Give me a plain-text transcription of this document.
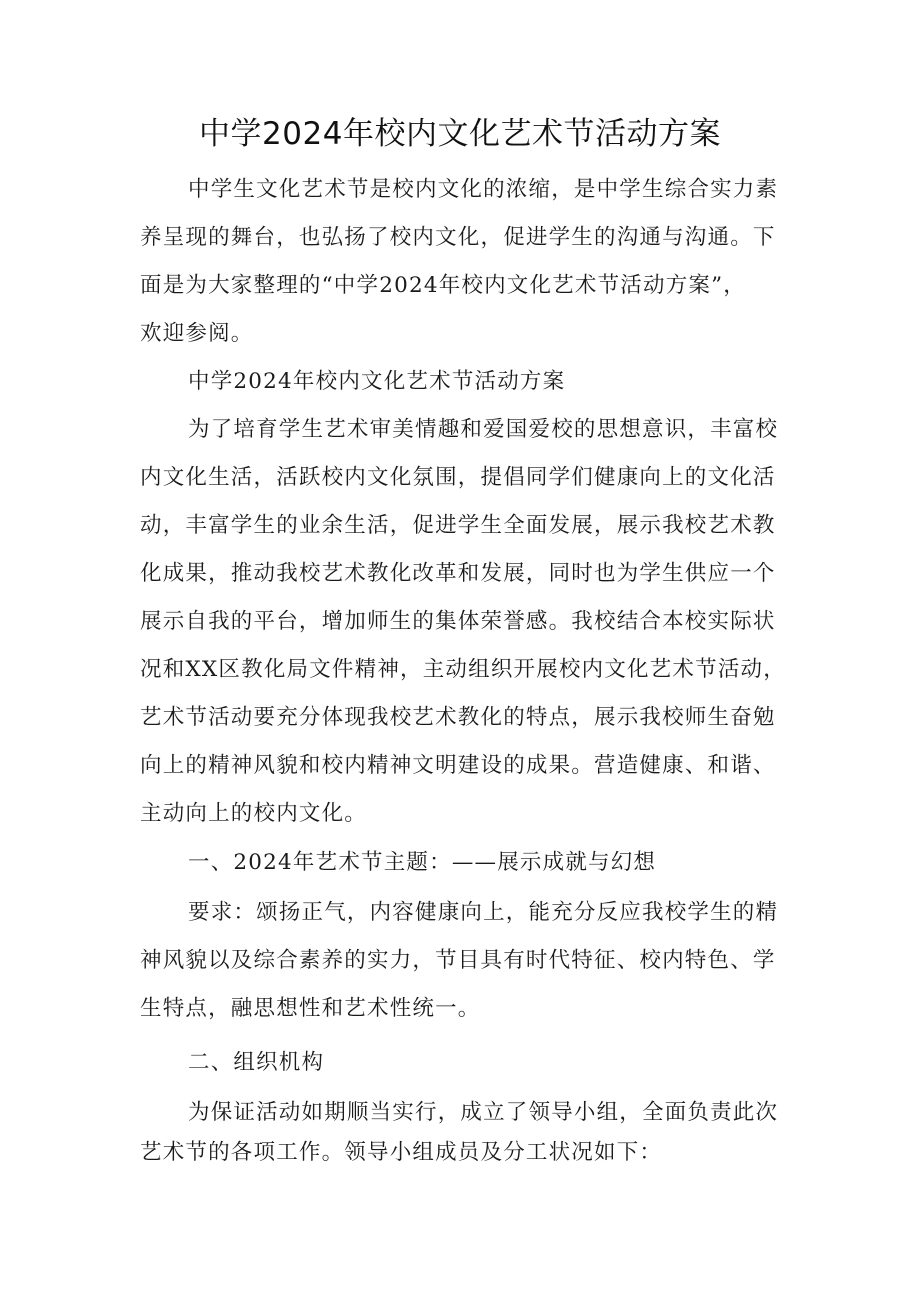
中学2024年校内文化艺术节活动方案
中学生文化艺术节是校内文化的浓缩，是中学生综合实力素
养呈现的舞台，也弘扬了校内文化，促进学生的沟通与沟通。下
面是为大家整理的“中学2024年校内文化艺术节活动方案”，
欢迎参阅。
中学2024年校内文化艺术节活动方案
为了培育学生艺术审美情趣和爱国爱校的思想意识，丰富校
内文化生活，活跃校内文化氛围，提倡同学们健康向上的文化活
动，丰富学生的业余生活，促进学生全面发展，展示我校艺术教
化成果，推动我校艺术教化改革和发展，同时也为学生供应一个
展示自我的平台，增加师生的集体荣誉感。我校结合本校实际状
况和XX区教化局文件精神，主动组织开展校内文化艺术节活动，
艺术节活动要充分体现我校艺术教化的特点，展示我校师生奋勉
向上的精神风貌和校内精神文明建设的成果。营造健康、和谐、
主动向上的校内文化。
一、2024年艺术节主题：——展示成就与幻想
要求：颂扬正气，内容健康向上，能充分反应我校学生的精
神风貌以及综合素养的实力，节目具有时代特征、校内特色、学
生特点，融思想性和艺术性统一。
二、组织机构
为保证活动如期顺当实行，成立了领导小组，全面负责此次
艺术节的各项工作。领导小组成员及分工状况如下：
